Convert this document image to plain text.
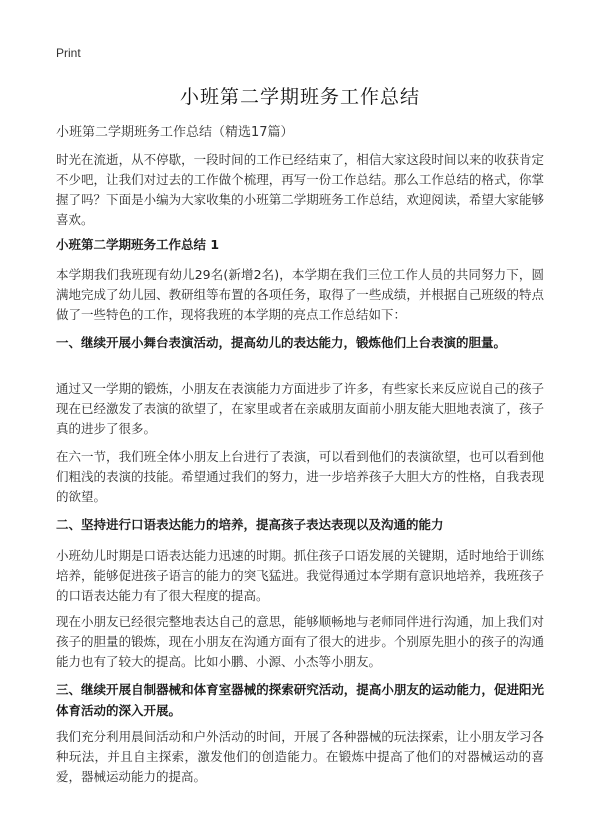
Print
小班第二学期班务工作总结
小班第二学期班务工作总结（精选17篇）

时光在流逝，从不停歇，一段时间的工作已经结束了，相信大家这段时间以来的收获肯定不少吧，让我们对过去的工作做个梳理，再写一份工作总结。那么工作总结的格式，你掌握了吗？下面是小编为大家收集的小班第二学期班务工作总结，欢迎阅读，希望大家能够喜欢。

小班第二学期班务工作总结 1

本学期我们我班现有幼儿29名(新增2名)，本学期在我们三位工作人员的共同努力下，圆满地完成了幼儿园、教研组等布置的各项任务，取得了一些成绩，并根据自己班级的特点做了一些特色的工作，现将我班的本学期的亮点工作总结如下：

一、继续开展小舞台表演活动，提高幼儿的表达能力，锻炼他们上台表演的胆量。

通过又一学期的锻炼，小朋友在表演能力方面进步了许多，有些家长来反应说自己的孩子现在已经激发了表演的欲望了，在家里或者在亲戚朋友面前小朋友能大胆地表演了，孩子真的进步了很多。

在六一节，我们班全体小朋友上台进行了表演，可以看到他们的表演欲望，也可以看到他们粗浅的表演的技能。希望通过我们的努力，进一步培养孩子大胆大方的性格，自我表现的欲望。

二、坚持进行口语表达能力的培养，提高孩子表达表现以及沟通的能力

小班幼儿时期是口语表达能力迅速的时期。抓住孩子口语发展的关键期，适时地给于训练培养，能够促进孩子语言的能力的突飞猛进。我觉得通过本学期有意识地培养，我班孩子的口语表达能力有了很大程度的提高。

现在小朋友已经很完整地表达自己的意思，能够顺畅地与老师同伴进行沟通，加上我们对孩子的胆量的锻炼，现在小朋友在沟通方面有了很大的进步。个别原先胆小的孩子的沟通能力也有了较大的提高。比如小鹏、小源、小杰等小朋友。

三、继续开展自制器械和体育室器械的探索研究活动，提高小朋友的运动能力，促进阳光体育活动的深入开展。

我们充分利用晨间活动和户外活动的时间，开展了各种器械的玩法探索，让小朋友学习各种玩法，并且自主探索，激发他们的创造能力。在锻炼中提高了他们的对器械运动的喜爱，器械运动能力的提高。
